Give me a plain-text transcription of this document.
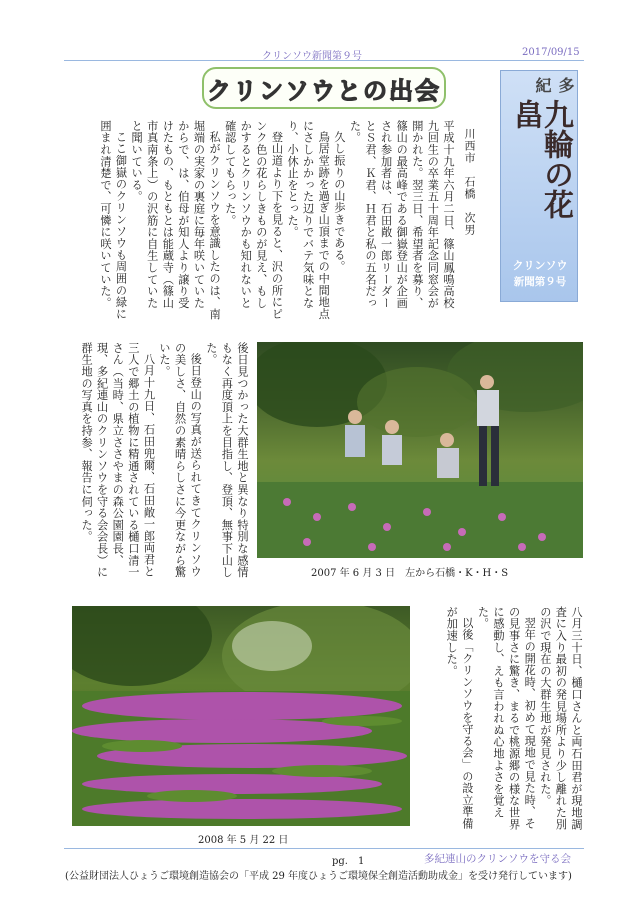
クリンソウ新聞第９号	2017/09/15
クリンソウとの出会	多紀
九輪の花畠
クリンソウ
新聞第９号
川西市　石橋　次男

平成十九年六月二日、篠山鳳鳴高校九回生の卒業五十周年記念同窓会が開かれた。翌三日、希望者を募り、篠山の最高峰である御嶽登山が企画され参加者は、石田敞一郎リーダーとＳ君、Ｋ君、Ｈ君と私の五名だった。

久し振りの山歩きである。

鳥居堂跡を過ぎ山頂までの中間地点にさしかかった辺りでバテ気味となり、小休止をとった。

登山道より下を見ると、沢の所にピンク色の花らしきものが見え、もしかするとクリンソウかも知れないと確認してもらった。

私がクリンソウを意識したのは、南堀端の実家の裏庭に毎年咲いていたからで、は、伯母が知人より譲り受けたもの、もともとは能蔵寺（篠山市真南条上）の沢筋に自生していたと聞いている。

ここ御嶽のクリンソウも周囲の緑に囲まれ清楚で、可憐に咲いていた。

後日見つかった大群生地と異なり特別な感情もなく再度頂上を目指し、登頂、無事下山した。

後日登山の写真が送られてきてクリンソウの美しさ、自然の素晴らしさに今更ながら驚いた。

八月十九日、石田兜爾、石田敞一郎両君と三人で郷土の植物に精通されている樋口清一さん（当時、県立ささやまの森公園園長、現、多紀連山のクリンソウを守る会会長）に群生地の写真を持参、報告に伺った。

八月三十日、樋口さんと両石田君が現地調査に入り最初の発見場所より少し離れた別の沢で現在の大群生地が発見された。

翌年の開花時、初めて現地で見た時、その見事さに驚き、まるで桃源郷の様な世界に感動し、えも言われぬ心地よさを覚えた。

以後「クリンソウを守る会」の設立準備が加速した。

2007 年 6 月 3 日　左から石橋・K・H・S
2008 年 5 月 22 日
pg.　1	多紀連山のクリンソウを守る会
(公益財団法人ひょうご環境創造協会の「平成 29 年度ひょうご環境保全創造活動助成金」を受け発行しています)
